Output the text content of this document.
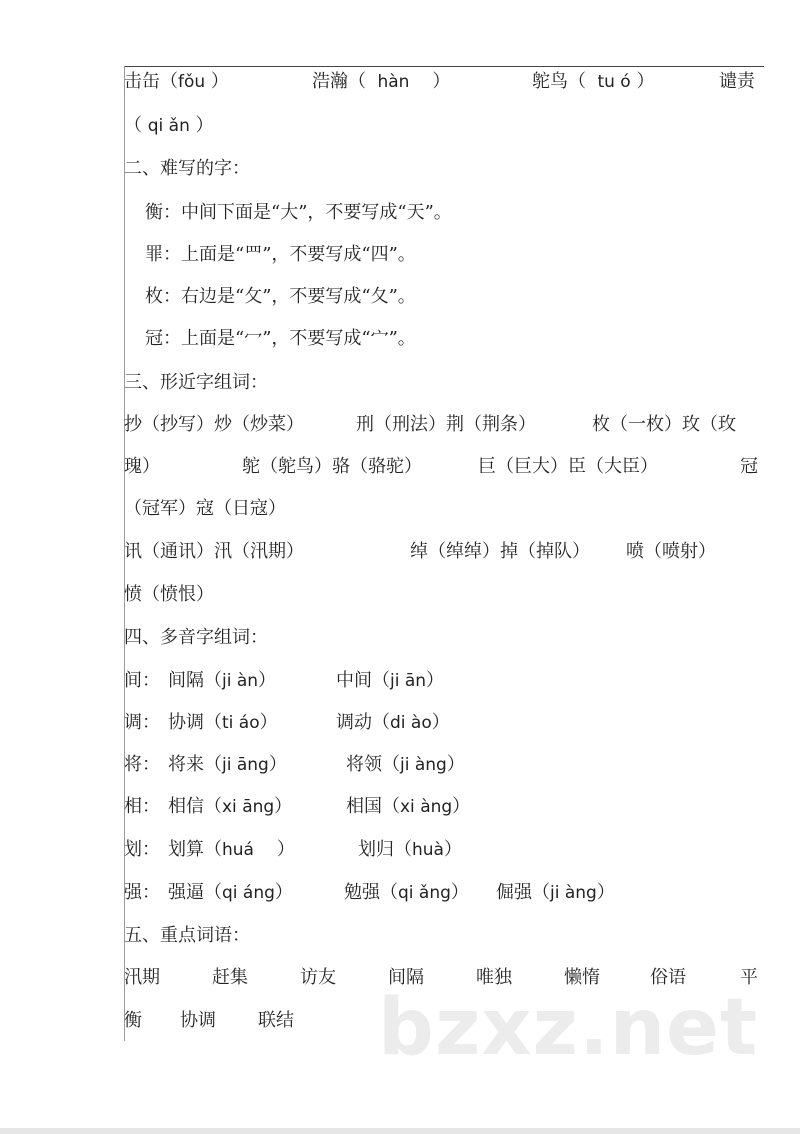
击缶（fǒu ）	浩瀚（ hàn ）	鸵鸟（ tu ó ）	谴责
（ qi ǎn ）
二、难写的字：
衡：中间下面是“大”，不要写成“天”。
罪：上面是“罒”，不要写成“四”。
枚：右边是“攵”，不要写成“夂”。
冠：上面是“冖”，不要写成“宀”。
三、形近字组词：
抄（抄写）炒（炒菜）	刑（刑法）荆（荆条）	枚（一枚）玫（玫
瑰）	鸵（鸵鸟）骆（骆驼）	巨（巨大）臣（大臣）	冠
（冠军）寇（日寇）
讯（通讯）汛（汛期）	绰（绰绰）掉（掉队） 喷（喷射）
愤（愤恨）
四、多音字组词：
间： 间隔（ji àn）	中间（ji ān）
调： 协调（ti áo）	调动（di ào）
将： 将来（ji āng）	将领（ji àng）
相： 相信（xi āng）	相国（xi àng）
划： 划算（huá ）	划归（huà）
强： 强逼（qi áng）	勉强（qi ǎng） 倔强（ji àng）
五、重点词语：
汛期	赶集	访友	间隔	唯独	懒惰	俗语	平
衡 协调 联结 bzxz.net
